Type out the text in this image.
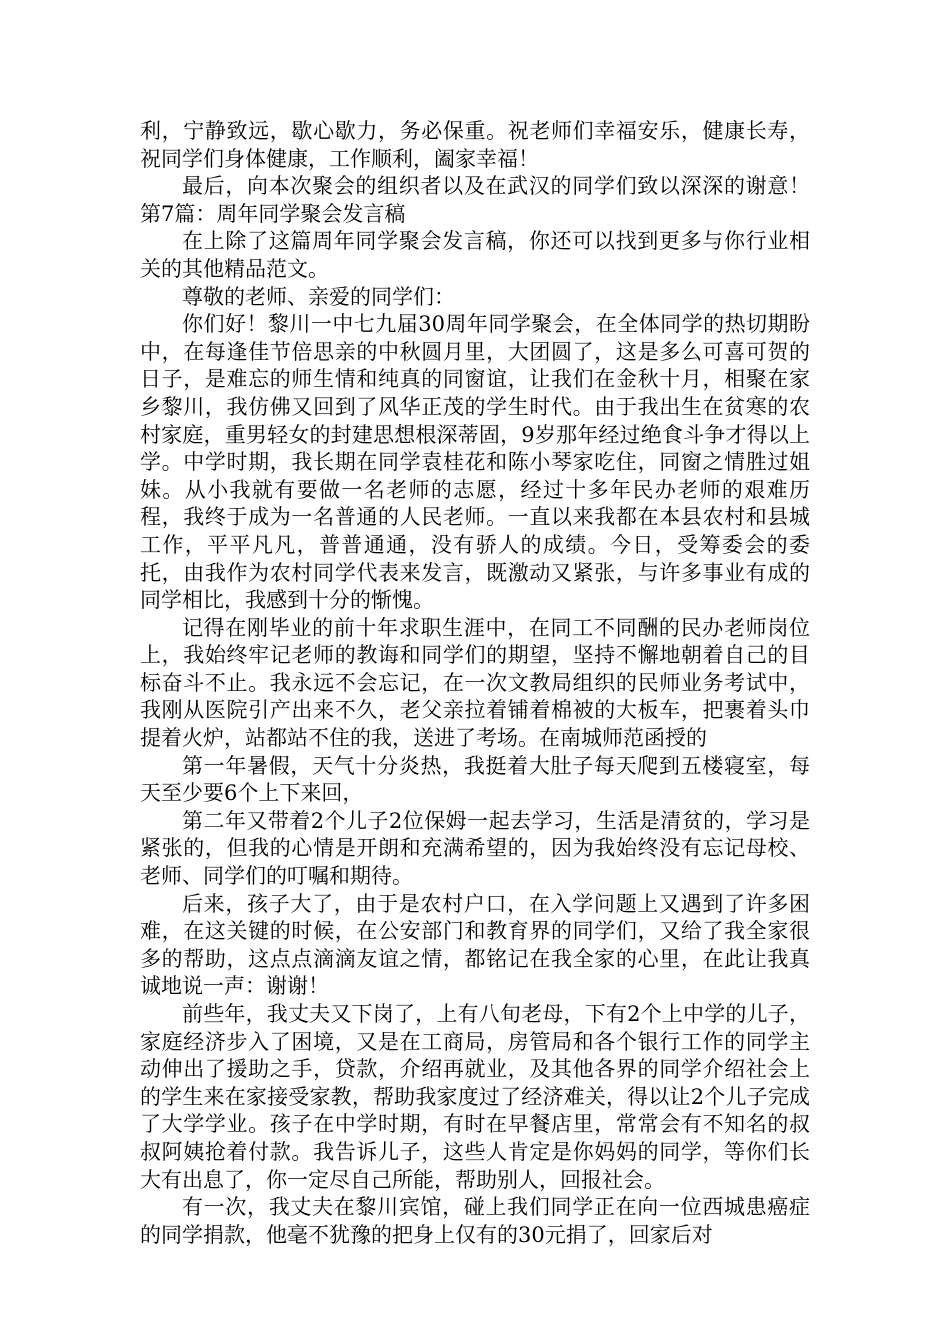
利，宁静致远，歇心歇力，务必保重。祝老师们幸福安乐，健康长寿，祝同学们身体健康，工作顺利，阖家幸福！

最后，向本次聚会的组织者以及在武汉的同学们致以深深的谢意！第7篇：周年同学聚会发言稿

在上除了这篇周年同学聚会发言稿，你还可以找到更多与你行业相关的其他精品范文。

尊敬的老师、亲爱的同学们：

你们好！黎川一中七九届30周年同学聚会，在全体同学的热切期盼中，在每逢佳节倍思亲的中秋圆月里，大团圆了，这是多么可喜可贺的日子，是难忘的师生情和纯真的同窗谊，让我们在金秋十月，相聚在家乡黎川，我仿佛又回到了风华正茂的学生时代。由于我出生在贫寒的农村家庭，重男轻女的封建思想根深蒂固，9岁那年经过绝食斗争才得以上学。中学时期，我长期在同学袁桂花和陈小琴家吃住，同窗之情胜过姐妹。从小我就有要做一名老师的志愿，经过十多年民办老师的艰难历程，我终于成为一名普通的人民老师。一直以来我都在本县农村和县城工作，平平凡凡，普普通通，没有骄人的成绩。今日，受筹委会的委托，由我作为农村同学代表来发言，既激动又紧张，与许多事业有成的同学相比，我感到十分的惭愧。

记得在刚毕业的前十年求职生涯中，在同工不同酬的民办老师岗位上，我始终牢记老师的教诲和同学们的期望，坚持不懈地朝着自己的目标奋斗不止。我永远不会忘记，在一次文教局组织的民师业务考试中，我刚从医院引产出来不久，老父亲拉着铺着棉被的大板车，把裹着头巾提着火炉，站都站不住的我，送进了考场。在南城师范函授的

第一年暑假，天气十分炎热，我挺着大肚子每天爬到五楼寝室，每天至少要6个上下来回，

第二年又带着2个儿子2位保姆一起去学习，生活是清贫的，学习是紧张的，但我的心情是开朗和充满希望的，因为我始终没有忘记母校、老师、同学们的叮嘱和期待。

后来，孩子大了，由于是农村户口，在入学问题上又遇到了许多困难，在这关键的时候，在公安部门和教育界的同学们，又给了我全家很多的帮助，这点点滴滴友谊之情，都铭记在我全家的心里，在此让我真诚地说一声：谢谢！

前些年，我丈夫又下岗了，上有八旬老母，下有2个上中学的儿子，家庭经济步入了困境，又是在工商局，房管局和各个银行工作的同学主动伸出了援助之手，贷款，介绍再就业，及其他各界的同学介绍社会上的学生来在家接受家教，帮助我家度过了经济难关，得以让2个儿子完成了大学学业。孩子在中学时期，有时在早餐店里，常常会有不知名的叔叔阿姨抢着付款。我告诉儿子，这些人肯定是你妈妈的同学，等你们长大有出息了，你一定尽自己所能，帮助别人，回报社会。

有一次，我丈夫在黎川宾馆，碰上我们同学正在向一位西城患癌症的同学捐款，他毫不犹豫的把身上仅有的30元捐了，回家后对
